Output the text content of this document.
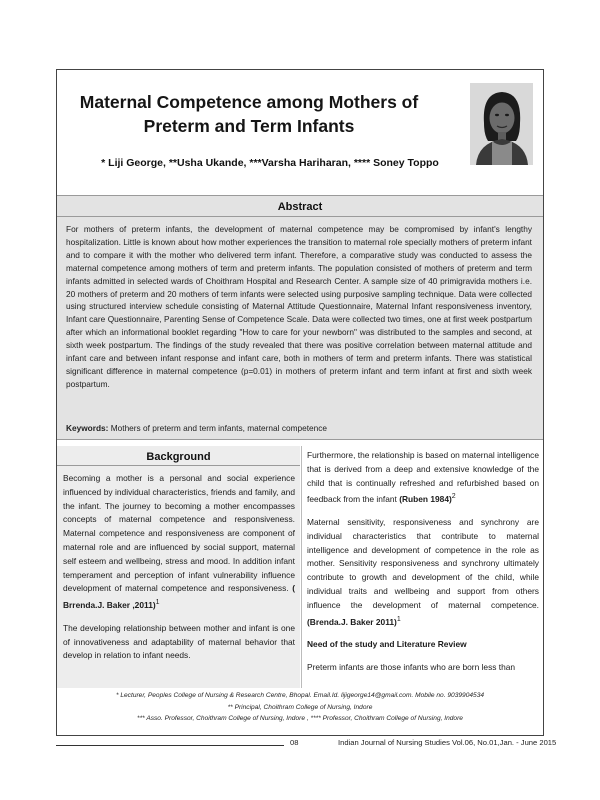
Maternal Competence among Mothers of
Preterm and Term Infants
* Liji George, **Usha Ukande, ***Varsha Hariharan, **** Soney Toppo
Abstract
For mothers of preterm infants, the development of maternal competence may be compromised by infant's lengthy hospitalization. Little is known about how mother experiences the transition to maternal role specially mothers of preterm infant and to compare it with the mother who delivered term infant. Therefore, a comparative study was conducted to assess the maternal competence among mothers of term and preterm infants. The population consisted of mothers of preterm and term infants admitted in selected wards of Choithram Hospital and Research Center. A sample size of 40 primigravida mothers i.e. 20 mothers of preterm and 20 mothers of term infants were selected using purposive sampling technique. Data were collected using structured interview schedule consisting of Maternal Attitude Questionnaire, Maternal Infant responsiveness inventory, Infant care Questionnaire, Parenting Sense of Competence Scale. Data were collected two times, one at first week postpartum after which an informational booklet regarding "How to care for your newborn" was distributed to the samples and second, at sixth week postpartum. The findings of the study revealed that there was positive correlation between maternal attitude and infant care and between infant response and infant care, both in mothers of term and preterm infants. There was statistical significant difference in maternal competence (p=0.01) in mothers of preterm infant and term infant at first and sixth week postpartum.
Keywords: Mothers of preterm and term infants, maternal competence
Background

Becoming a mother is a personal and social experience influenced by individual characteristics, friends and family, and the infant. The journey to becoming a mother encompasses concepts of maternal competence and responsiveness. Maternal competence and responsiveness are component of maternal role and are influenced by social support, maternal self esteem and wellbeing, stress and mood. In addition infant temperament and perception of infant vulnerability influence development of maternal competence and responsiveness. ( Brrenda.J. Baker ,2011)$^1$

The developing relationship between mother and infant is one of innovativeness and adaptability of maternal behavior that develop in relation to infant needs.

Furthermore, the relationship is based on maternal intelligence that is derived from a deep and extensive knowledge of the child that is continually refreshed and refurbished based on feedback from the infant (Ruben 1984)$^2$

Maternal sensitivity, responsiveness and synchrony are individual characteristics that contribute to maternal intelligence and development of competence in the role as mother. Sensitivity responsiveness and synchrony ultimately contribute to growth and development of the child, while individual traits and wellbeing and support from others influence the development of maternal competence.(Brenda.J. Baker 2011)$^1$

Need of the study and Literature Review

Preterm infants are those infants who are born less than

* Lecturer, Peoples College of Nursing & Research Centre, Bhopal. Email.Id. lijigeorge14@gmail.com. Mobile no. 9039904534
** Principal, Choithram College of Nursing, Indore
*** Asso. Professor, Choithram College of Nursing, Indore , **** Professor, Choithram College of Nursing, Indore
08	Indian Journal of Nursing Studies Vol.06, No.01,Jan. - June 2015
